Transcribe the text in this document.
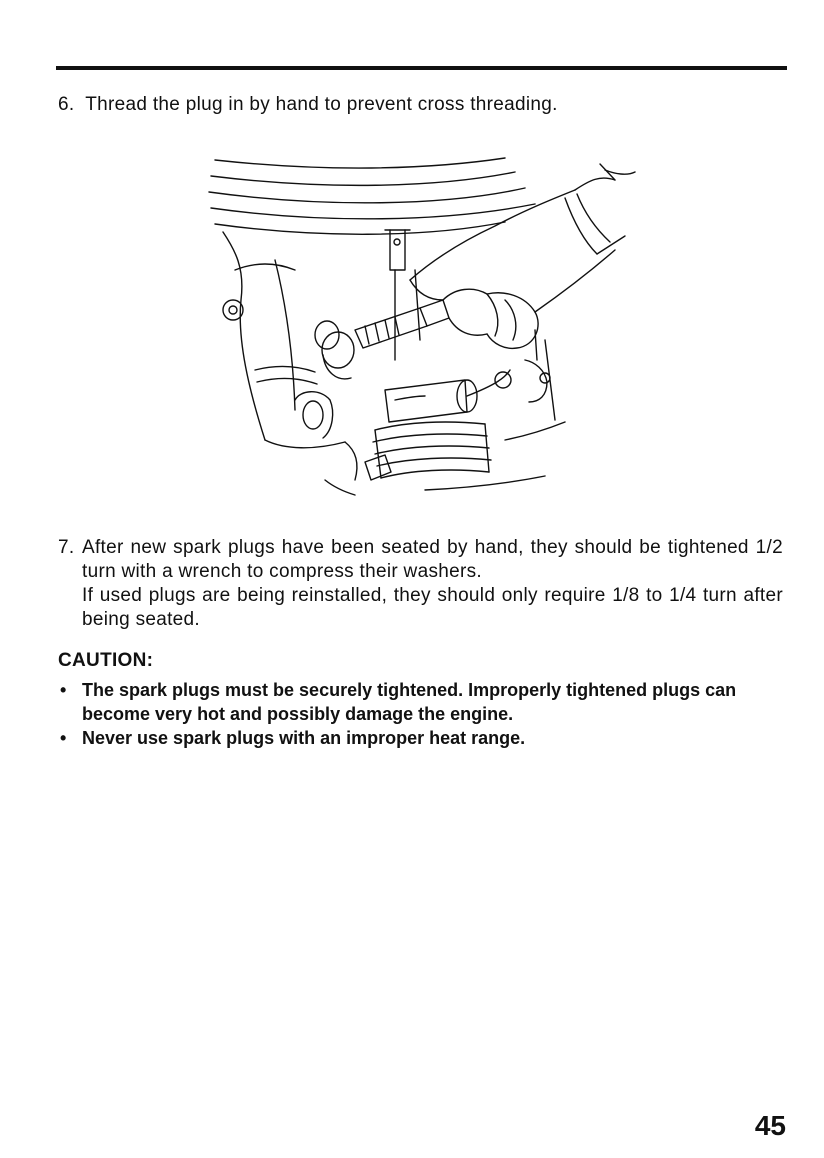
6. Thread the plug in by hand to prevent cross threading.
7. After new spark plugs have been seated by hand, they should be tightened 1/2 turn with a wrench to compress their washers.

If used plugs are being reinstalled, they should only require 1/8 to 1/4 turn after being seated.

CAUTION:
• The spark plugs must be securely tightened. Improperly tightened plugs can become very hot and possibly damage the engine.
• Never use spark plugs with an improper heat range.
45
